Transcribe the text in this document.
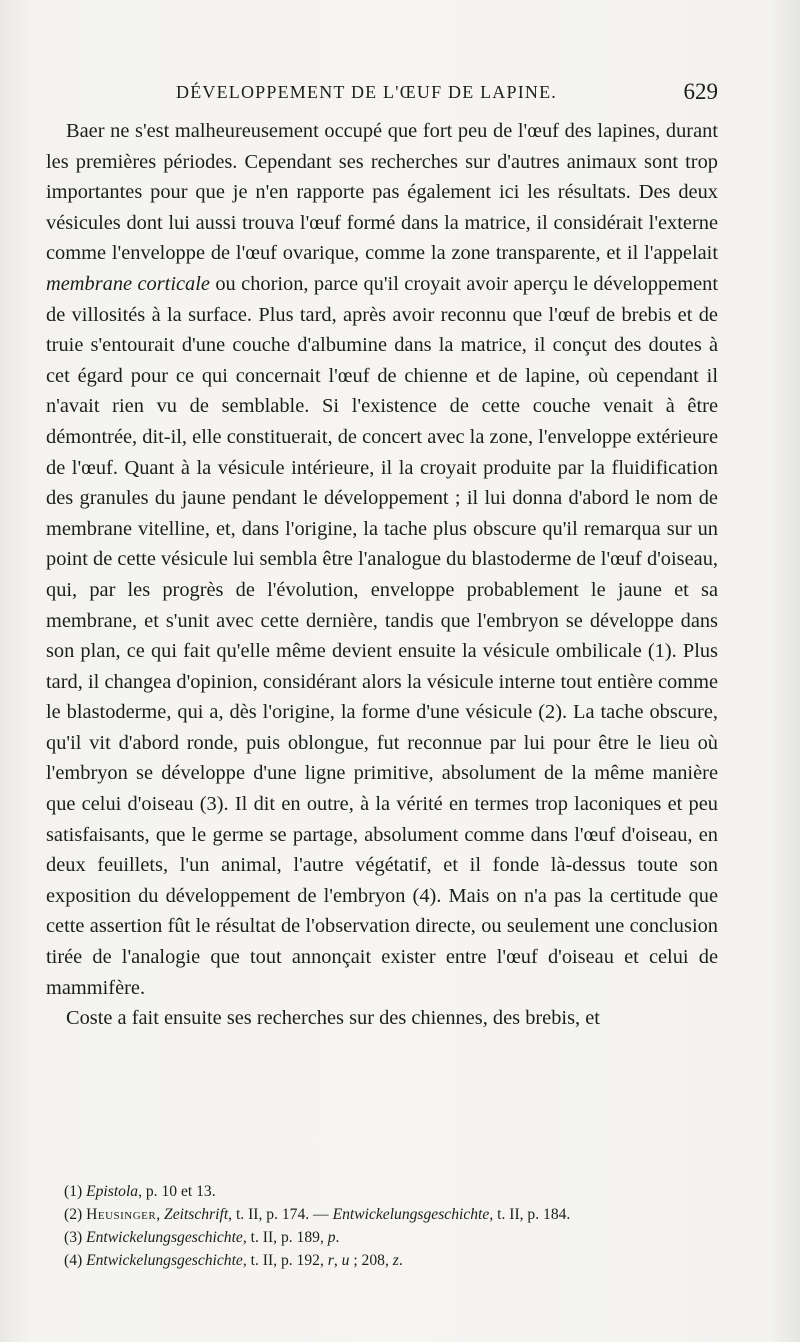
DÉVELOPPEMENT DE L'ŒUF DE LAPINE.	629

Baer ne s'est malheureusement occupé que fort peu de l'œuf des lapines, durant les premières périodes. Cependant ses recherches sur d'autres animaux sont trop importantes pour que je n'en rapporte pas également ici les résultats. Des deux vésicules dont lui aussi trouva l'œuf formé dans la matrice, il considérait l'externe comme l'enveloppe de l'œuf ovarique, comme la zone transparente, et il l'appelait membrane corticale ou chorion, parce qu'il croyait avoir aperçu le développement de villosités à la surface. Plus tard, après avoir reconnu que l'œuf de brebis et de truie s'entourait d'une couche d'albumine dans la matrice, il conçut des doutes à cet égard pour ce qui concernait l'œuf de chienne et de lapine, où cependant il n'avait rien vu de semblable. Si l'existence de cette couche venait à être démontrée, dit-il, elle constituerait, de concert avec la zone, l'enveloppe extérieure de l'œuf. Quant à la vésicule intérieure, il la croyait produite par la fluidification des granules du jaune pendant le développement ; il lui donna d'abord le nom de membrane vitelline, et, dans l'origine, la tache plus obscure qu'il remarqua sur un point de cette vésicule lui sembla être l'analogue du blastoderme de l'œuf d'oiseau, qui, par les progrès de l'évolution, enveloppe probablement le jaune et sa membrane, et s'unit avec cette dernière, tandis que l'embryon se développe dans son plan, ce qui fait qu'elle même devient ensuite la vésicule ombilicale (1). Plus tard, il changea d'opinion, considérant alors la vésicule interne tout entière comme le blastoderme, qui a, dès l'origine, la forme d'une vésicule (2). La tache obscure, qu'il vit d'abord ronde, puis oblongue, fut reconnue par lui pour être le lieu où l'embryon se développe d'une ligne primitive, absolument de la même manière que celui d'oiseau (3). Il dit en outre, à la vérité en termes trop laconiques et peu satisfaisants, que le germe se partage, absolument comme dans l'œuf d'oiseau, en deux feuillets, l'un animal, l'autre végétatif, et il fonde là-dessus toute son exposition du développement de l'embryon (4). Mais on n'a pas la certitude que cette assertion fût le résultat de l'observation directe, ou seulement une conclusion tirée de l'analogie que tout annonçait exister entre l'œuf d'oiseau et celui de mammifère.

Coste a fait ensuite ses recherches sur des chiennes, des brebis, et

(1) Epistola, p. 10 et 13.

(2) Heusinger, Zeitschrift, t. II, p. 174. — Entwickelungsgeschichte, t. II, p. 184.

(3) Entwickelungsgeschichte, t. II, p. 189, p.

(4) Entwickelungsgeschichte, t. II, p. 192, r, u ; 208, z.
